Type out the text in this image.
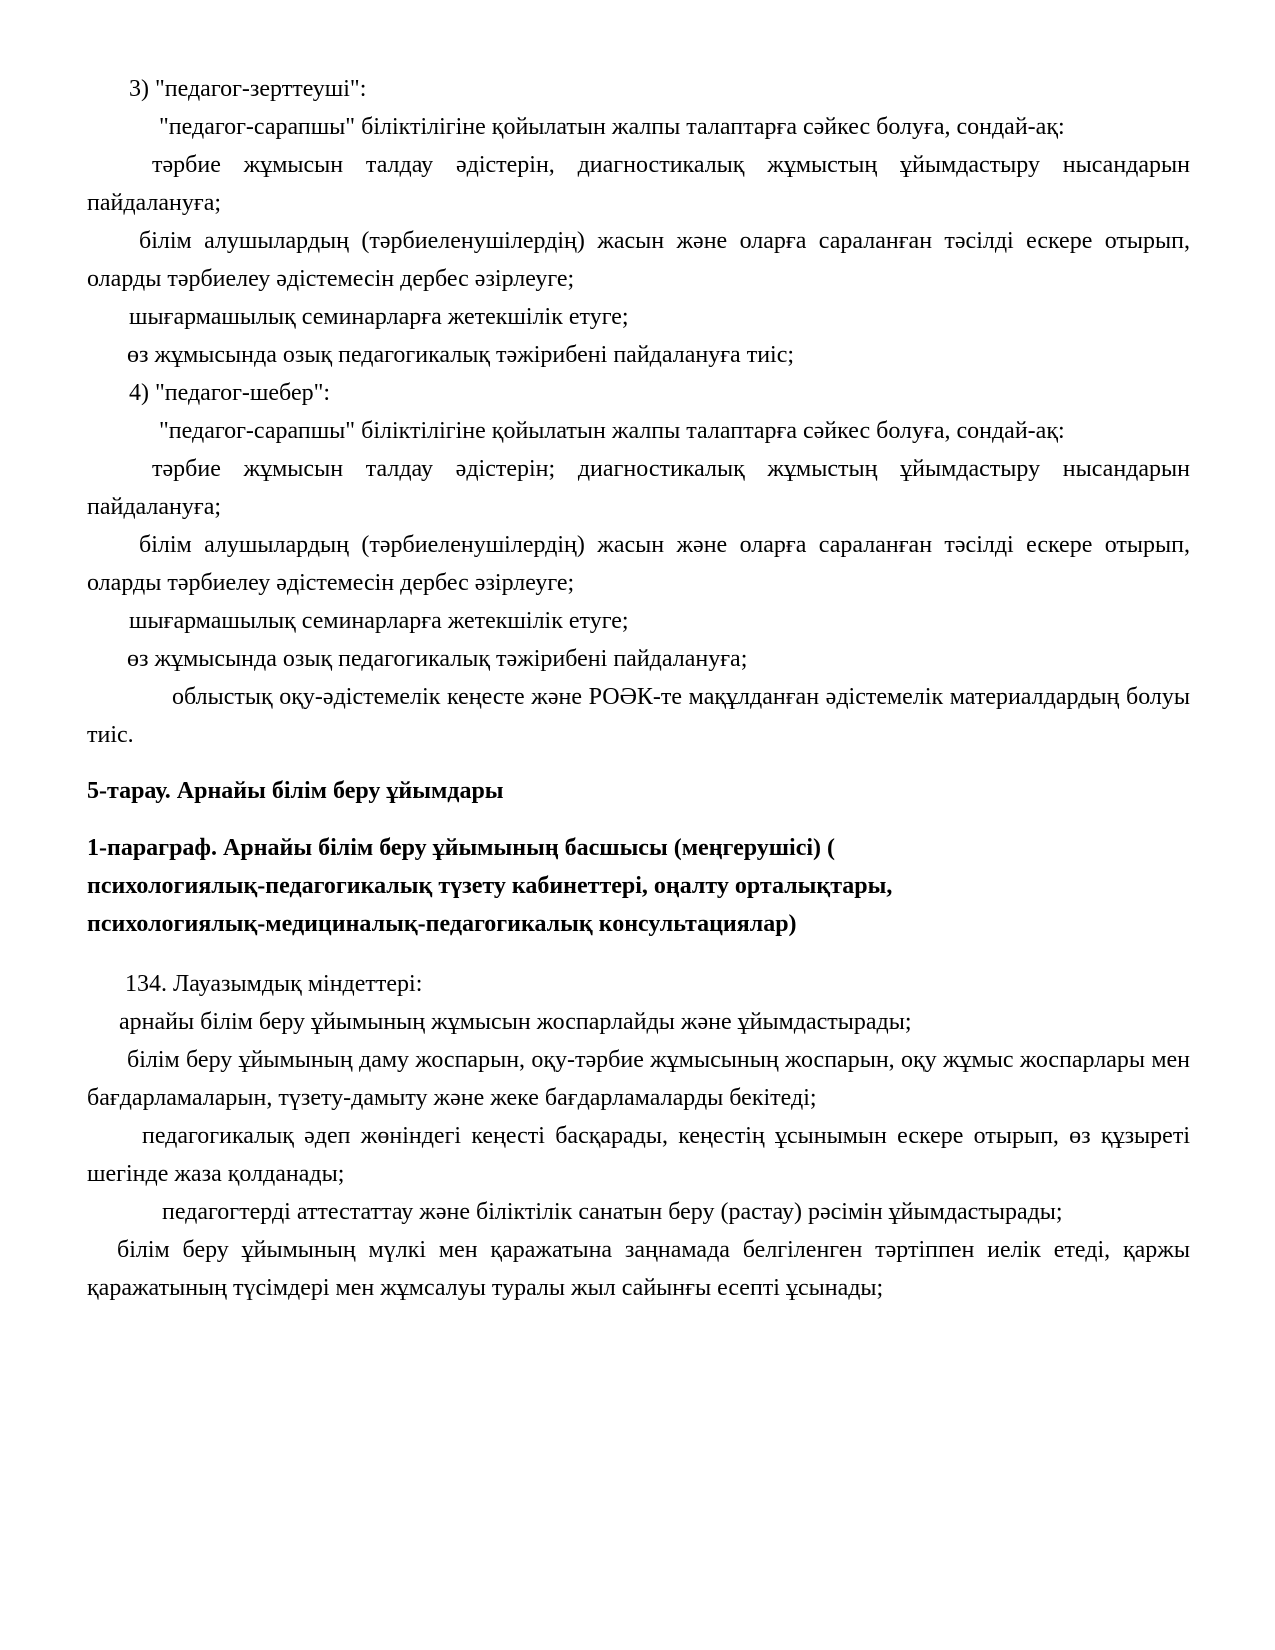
3) "педагог-зерттеуші":

"педагог-сарапшы" біліктілігіне қойылатын жалпы талаптарға сәйкес болуға, сондай-ақ:

тәрбие жұмысын талдау әдістерін, диагностикалық жұмыстың ұйымдастыру нысандарын пайдалануға;

білім алушылардың (тәрбиеленушілердің) жасын және оларға сараланған тәсілді ескере отырып, оларды тәрбиелеу әдістемесін дербес әзірлеуге;

шығармашылық семинарларға жетекшілік етуге;

өз жұмысында озық педагогикалық тәжірибені пайдалануға тиіс;

4) "педагог-шебер":

"педагог-сарапшы" біліктілігіне қойылатын жалпы талаптарға сәйкес болуға, сондай-ақ:

тәрбие жұмысын талдау әдістерін; диагностикалық жұмыстың ұйымдастыру нысандарын пайдалануға;

білім алушылардың (тәрбиеленушілердің) жасын және оларға сараланған тәсілді ескере отырып, оларды тәрбиелеу әдістемесін дербес әзірлеуге;

шығармашылық семинарларға жетекшілік етуге;

өз жұмысында озық педагогикалық тәжірибені пайдалануға;

облыстық оқу-әдістемелік кеңесте және РОӘК-те мақұлданған әдістемелік материалдардың болуы тиіс.

5-тарау. Арнайы білім беру ұйымдары

1-параграф. Арнайы білім беру ұйымының басшысы (меңгерушісі) (
психологиялық-педагогикалық түзету кабинеттері, оңалту орталықтары,
психологиялық-медициналық-педагогикалық консультациялар)

134. Лауазымдық міндеттері:

арнайы білім беру ұйымының жұмысын жоспарлайды және ұйымдастырады;

білім беру ұйымының даму жоспарын, оқу-тәрбие жұмысының жоспарын, оқу жұмыс жоспарлары мен бағдарламаларын, түзету-дамыту және жеке бағдарламаларды бекітеді;

педагогикалық әдеп жөніндегі кеңесті басқарады, кеңестің ұсынымын ескере отырып, өз құзыреті шегінде жаза қолданады;

педагогтерді аттестаттау және біліктілік санатын беру (растау) рәсімін ұйымдастырады;

білім беру ұйымының мүлкі мен қаражатына заңнамада белгіленген тәртіппен иелік етеді, қаржы қаражатының түсімдері мен жұмсалуы туралы жыл сайынғы есепті ұсынады;
